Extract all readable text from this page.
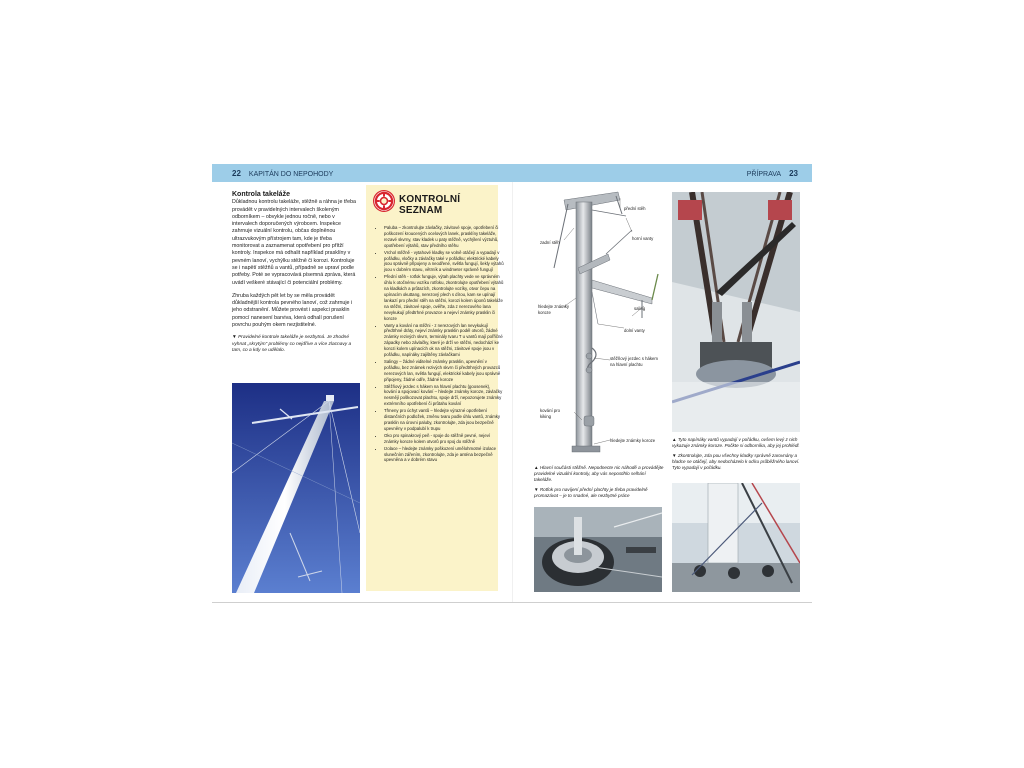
22 KAPITÁN DO NEPOHODY	PŘÍPRAVA 23
Kontrola takeláže

Důkladnou kontrolu takeláže, stěžně a ráhna je třeba provádět v pravidelných intervalech školeným odborníkem – obvykle jednou ročně, nebo v intervalech doporučených výrobcem. Inspekce zahrnuje vizuální kontrolu, občas doplněnou ultrazvukovým přístrojem tam, kde je třeba monitorovat a zaznamenat opotřebení pro přítží kontroly. Inspekce má odhalit například prasklíny v pevném lanoví, vychýlku stěžně či korozi. Kontroluje se i napětí stěžňů a vantů, případně se upraví podle potřeby. Poté se vypracovává písemná zpráva, která uvádí veškeré stávající či potenciální problémy.

Zhruba každých pět let by se měla provádět důkladnější kontrola pevného lanoví, což zahrnuje i jeho odstranění. Můžete provést i aspekci prasklin pomocí nanesení barviva, která odhalí porušení povrchu pouhým okem nezjistitelné.

▼ Pravidelné kontrole takeláže je nezbytná. Je zhodné vyhnat „skrytým“ problémy co nejdříve a více zlacnavy a tam, co a kdy se udělalo.

KONTROLNÍ SEZNAM
• Paluba – zkontrolujte závlačky, závitové spoje, opotřebení či poškození kroucených ocelových lanek, prasklíny takeláže, rezavé skvrny, stav kladek u paty stěžně, vychýlení výztuhů, opotřebení výtahů, stav předního stěhu
• Vrchol stěžně - vytahové kladky se volně otáčejí a vypadají v pořádku, vločky a závlačky také v pořádku; elektrické kabely jsou správně připojeny a neodřené, světla fungují, šekly výtahů jsou v dobrém stavu, větrník a windmeter správně fungují
• Přední stěh - rotfok funguje, výtah plachty vede ve správném úhlu k otočnému vozíku rotfoku, zkontrolujte opotřebení výtahů na kladkách a průtazích, zkontrolujte vozíky, otvor čepu na upínacím okuttang, nerezový plech s dírou, kam se upínají lankazí pro přední stěh na stěžni, korozi kolem úponů takeláže na stěžni, závitové spoje, ověřte, zda z nerezového lana nevykukují předtrhné provazce a nejeví známky prasklin či koroze
• Vanty a kování na stěžni - z nerezových lan nevykukují předtrhné dráty, nejeví známky prasklin podél otvorů, žádné známky rezivých skvrn, terminály tvaru T u vantů mají pořřičné západky nebo závlačky, které je drží ve stěžni, nedochází ke korozi kolem upínacích ok na stěžni, závitové spoje jsou v pořádku, napínáky zajištěny závlačkami
• Salingy – žádné viditelné známky prasklin, upevnění v pořádku, bez známek rezivých skvrn či předtrhných provazců nerezových lan, světla fungují, elektrické kabely jsou správně připojeny, žádné odře, žádné koroze
• Stěžňový jezdec s hákem na hlavní plachtu (goosenek), kování a spojovací kování – hledejte známky koroze, závlačky nesmějí poškozovat plachtu, spoje drží, nepozorujete známky extrémního opotřebení či průtahu kování
• Třmeny pro úchyt vantů – hledejte výrazné opotřebení distančních podložek, změnu tvaru podle úhlu vantů, známky prasklin na úrovni paluby, zkontrolujte, zda jsou bezpečně upevněny v podpalubí k trupu
• Oko pro spinakrový peň - spoje do stěžně pevné, nejeví známky koroze kolem otvorů pro spoj do stěžně
• Izolace – hledejte známky poškození umělohmotné izolace slunečním zářením, zkontrolujte, zda je anténa bezpečně upevněna a v dobrém stavu
přední stěh
zadní stěh
horní vanty
hledejte známky koroze
saling
dolní vanty
stěžňový jezdec s hákem na hlavní plachtu
kování pro kiking
hledejte známky koroze

▲ Hlavní součásti stěžně. Nepodnecte nic náhodě a provádějte pravidelné vizuální kontroly, aby vás nepostihlo selhání takeláže.

▼ Rotfok pro navíjení přední plachty je třeba pravidelně promazávat – je to snadné, ale nezbytné práce

▲ Tyto napínáky vantů vypadají v pořádku, ovšem levý z nich vykazuje známky koroze. Počkte si odborníka, aby jej prohlédl.

▼ Zkontrolujte, zda pou všechny kladky správně zarovnány a hladce se otáčejí, aby nedocházelo k odíru průběžného lanoví. Tyto vypadají v pořádku.
